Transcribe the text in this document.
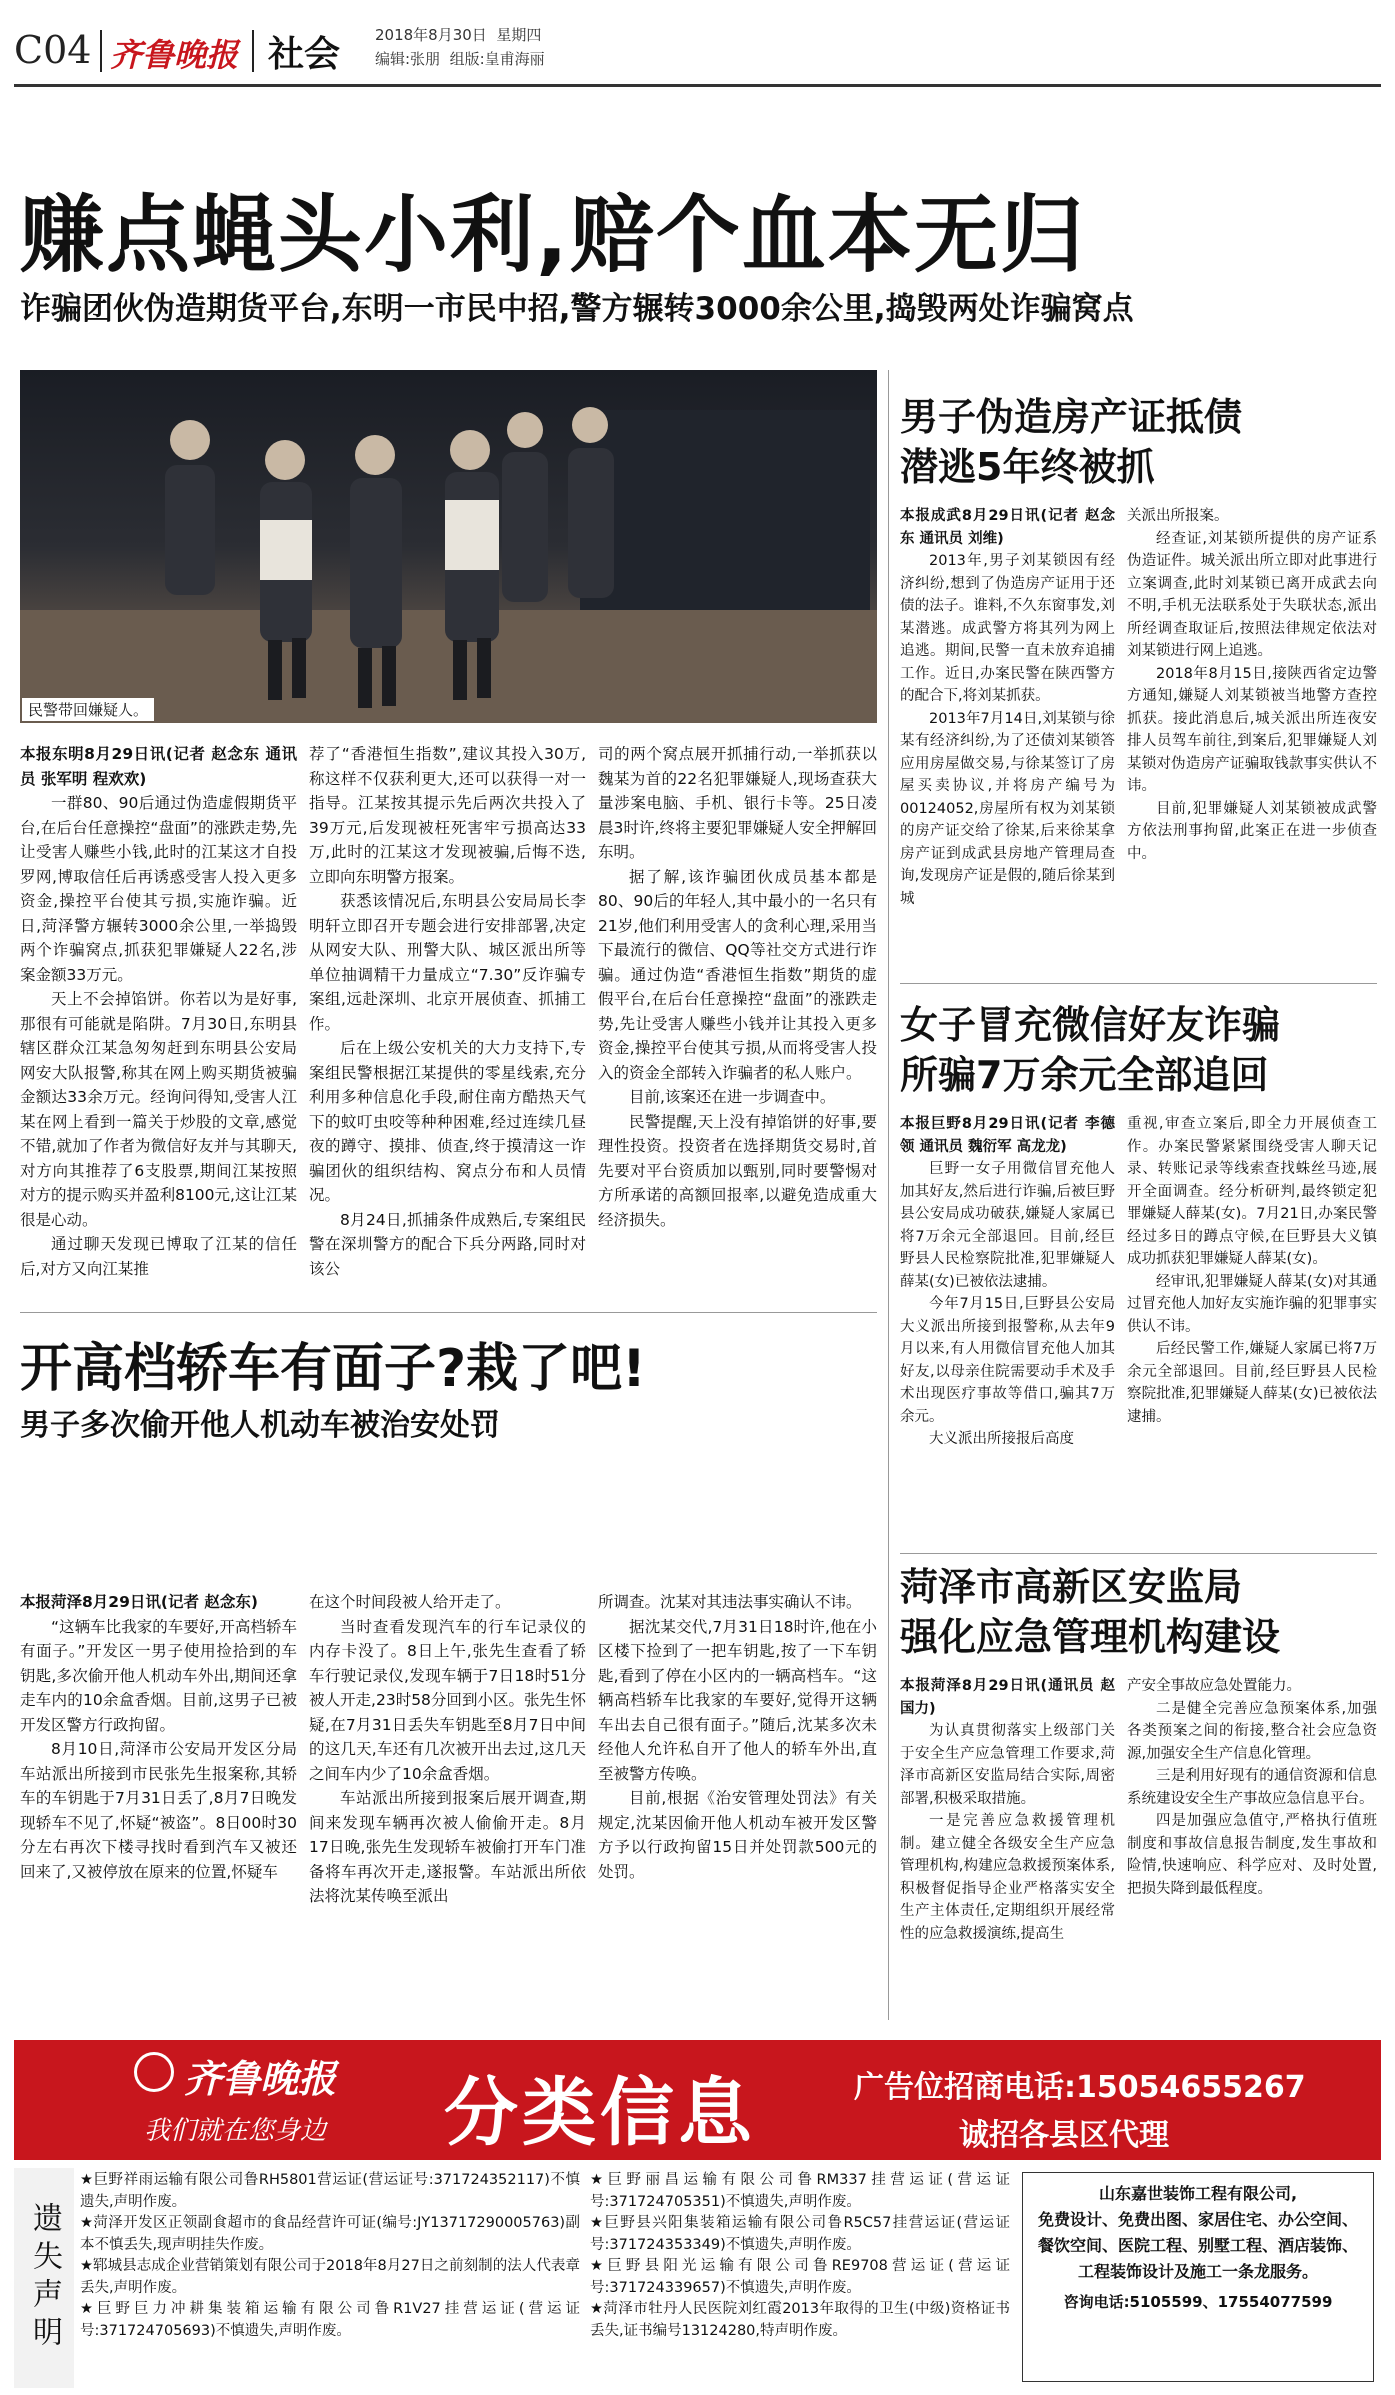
C04 齐鲁晚报 社会 2018年8月30日 星期四
编辑:张朋 组版:皇甫海丽
赚点蝇头小利,赔个血本无归
诈骗团伙伪造期货平台,东明一市民中招,警方辗转3000余公里,捣毁两处诈骗窝点
民警带回嫌疑人。

本报东明8月29日讯(记者 赵念东 通讯员 张军明 程欢欢)

一群80、90后通过伪造虚假期货平台,在后台任意操控“盘面”的涨跌走势,先让受害人赚些小钱,此时的江某这才自投罗网,博取信任后再诱惑受害人投入更多资金,操控平台使其亏损,实施诈骗。近日,菏泽警方辗转3000余公里,一举捣毁两个诈骗窝点,抓获犯罪嫌疑人22名,涉案金额33万元。

天上不会掉馅饼。你若以为是好事,那很有可能就是陷阱。7月30日,东明县辖区群众江某急匆匆赶到东明县公安局网安大队报警,称其在网上购买期货被骗金额达33余万元。经询问得知,受害人江某在网上看到一篇关于炒股的文章,感觉不错,就加了作者为微信好友并与其聊天,对方向其推荐了6支股票,期间江某按照对方的提示购买并盈利8100元,这让江某很是心动。

通过聊天发现已博取了江某的信任后,对方又向江某推

荐了“香港恒生指数”,建议其投入30万,称这样不仅获利更大,还可以获得一对一指导。江某按其提示先后两次共投入了39万元,后发现被枉死害牢亏损高达33万,此时的江某这才发现被骗,后悔不迭,立即向东明警方报案。

获悉该情况后,东明县公安局局长李明轩立即召开专题会进行安排部署,决定从网安大队、刑警大队、城区派出所等单位抽调精干力量成立“7.30”反诈骗专案组,远赴深圳、北京开展侦查、抓捕工作。

后在上级公安机关的大力支持下,专案组民警根据江某提供的零星线索,充分利用多种信息化手段,耐住南方酷热天气下的蚊叮虫咬等种种困难,经过连续几昼夜的蹲守、摸排、侦查,终于摸清这一诈骗团伙的组织结构、窝点分布和人员情况。

8月24日,抓捕条件成熟后,专案组民警在深圳警方的配合下兵分两路,同时对该公

司的两个窝点展开抓捕行动,一举抓获以魏某为首的22名犯罪嫌疑人,现场查获大量涉案电脑、手机、银行卡等。25日凌晨3时许,终将主要犯罪嫌疑人安全押解回东明。

据了解,该诈骗团伙成员基本都是80、90后的年轻人,其中最小的一名只有21岁,他们利用受害人的贪利心理,采用当下最流行的微信、QQ等社交方式进行诈骗。通过伪造“香港恒生指数”期货的虚假平台,在后台任意操控“盘面”的涨跌走势,先让受害人赚些小钱并让其投入更多资金,操控平台使其亏损,从而将受害人投入的资金全部转入诈骗者的私人账户。

目前,该案还在进一步调查中。

民警提醒,天上没有掉馅饼的好事,要理性投资。投资者在选择期货交易时,首先要对平台资质加以甄别,同时要警惕对方所承诺的高额回报率,以避免造成重大经济损失。

开高档轿车有面子?栽了吧!
男子多次偷开他人机动车被治安处罚

本报菏泽8月29日讯(记者 赵念东)

“这辆车比我家的车要好,开高档轿车有面子。”开发区一男子使用捡拾到的车钥匙,多次偷开他人机动车外出,期间还拿走车内的10余盒香烟。目前,这男子已被开发区警方行政拘留。

8月10日,菏泽市公安局开发区分局车站派出所接到市民张先生报案称,其轿车的车钥匙于7月31日丢了,8月7日晚发现轿车不见了,怀疑“被盗”。8日00时30分左右再次下楼寻找时看到汽车又被还回来了,又被停放在原来的位置,怀疑车

在这个时间段被人给开走了。

当时查看发现汽车的行车记录仪的内存卡没了。8日上午,张先生查看了轿车行驶记录仪,发现车辆于7日18时51分被人开走,23时58分回到小区。张先生怀疑,在7月31日丢失车钥匙至8月7日中间的这几天,车还有几次被开出去过,这几天之间车内少了10余盒香烟。

车站派出所接到报案后展开调查,期间来发现车辆再次被人偷偷开走。8月17日晚,张先生发现轿车被偷打开车门准备将车再次开走,遂报警。车站派出所依法将沈某传唤至派出

所调查。沈某对其违法事实确认不讳。

据沈某交代,7月31日18时许,他在小区楼下捡到了一把车钥匙,按了一下车钥匙,看到了停在小区内的一辆高档车。“这辆高档轿车比我家的车要好,觉得开这辆车出去自己很有面子。”随后,沈某多次未经他人允许私自开了他人的轿车外出,直至被警方传唤。

目前,根据《治安管理处罚法》有关规定,沈某因偷开他人机动车被开发区警方予以行政拘留15日并处罚款500元的处罚。

男子伪造房产证抵债
潜逃5年终被抓

本报成武8月29日讯(记者 赵念东 通讯员 刘维)

2013年,男子刘某锁因有经济纠纷,想到了伪造房产证用于还债的法子。谁料,不久东窗事发,刘某潜逃。成武警方将其列为网上追逃。期间,民警一直未放弃追捕工作。近日,办案民警在陕西警方的配合下,将刘某抓获。

2013年7月14日,刘某锁与徐某有经济纠纷,为了还债刘某锁答应用房屋做交易,与徐某签订了房屋买卖协议,并将房产编号为00124052,房屋所有权为刘某锁的房产证交给了徐某,后来徐某拿房产证到成武县房地产管理局查询,发现房产证是假的,随后徐某到城

关派出所报案。

经查证,刘某锁所提供的房产证系伪造证件。城关派出所立即对此事进行立案调查,此时刘某锁已离开成武去向不明,手机无法联系处于失联状态,派出所经调查取证后,按照法律规定依法对刘某锁进行网上追逃。

2018年8月15日,接陕西省定边警方通知,嫌疑人刘某锁被当地警方查控抓获。接此消息后,城关派出所连夜安排人员驾车前往,到案后,犯罪嫌疑人刘某锁对伪造房产证骗取钱款事实供认不讳。

目前,犯罪嫌疑人刘某锁被成武警方依法刑事拘留,此案正在进一步侦查中。

女子冒充微信好友诈骗
所骗7万余元全部追回

本报巨野8月29日讯(记者 李德领 通讯员 魏衍军 高龙龙)

巨野一女子用微信冒充他人加其好友,然后进行诈骗,后被巨野县公安局成功破获,嫌疑人家属已将7万余元全部退回。目前,经巨野县人民检察院批准,犯罪嫌疑人薛某(女)已被依法逮捕。

今年7月15日,巨野县公安局大义派出所接到报警称,从去年9月以来,有人用微信冒充他人加其好友,以母亲住院需要动手术及手术出现医疗事故等借口,骗其7万余元。

大义派出所接报后高度

重视,审查立案后,即全力开展侦查工作。办案民警紧紧围绕受害人聊天记录、转账记录等线索查找蛛丝马迹,展开全面调查。经分析研判,最终锁定犯罪嫌疑人薛某(女)。7月21日,办案民警经过多日的蹲点守候,在巨野县大义镇成功抓获犯罪嫌疑人薛某(女)。

经审讯,犯罪嫌疑人薛某(女)对其通过冒充他人加好友实施诈骗的犯罪事实供认不讳。

后经民警工作,嫌疑人家属已将7万余元全部退回。目前,经巨野县人民检察院批准,犯罪嫌疑人薛某(女)已被依法逮捕。

菏泽市高新区安监局
强化应急管理机构建设

本报菏泽8月29日讯(通讯员 赵国力)

为认真贯彻落实上级部门关于安全生产应急管理工作要求,菏泽市高新区安监局结合实际,周密部署,积极采取措施。

一是完善应急救援管理机制。建立健全各级安全生产应急管理机构,构建应急救援预案体系,积极督促指导企业严格落实安全生产主体责任,定期组织开展经常性的应急救援演练,提高生

产安全事故应急处置能力。

二是健全完善应急预案体系,加强各类预案之间的衔接,整合社会应急资源,加强安全生产信息化管理。

三是利用好现有的通信资源和信息系统建设安全生产事故应急信息平台。

四是加强应急值守,严格执行值班制度和事故信息报告制度,发生事故和险情,快速响应、科学应对、及时处置,把损失降到最低程度。

齐鲁晚报
我们就在您身边 分类信息	广告位招商电话:15054655267
诚招各县区代理
遗失声明

★巨野祥雨运输有限公司鲁RH5801营运证(营运证号:371724352117)不慎遗失,声明作废。

★菏泽开发区正领副食超市的食品经营许可证(编号:JY13717290005763)副本不慎丢失,现声明挂失作废。

★郓城县志成企业营销策划有限公司于2018年8月27日之前刻制的法人代表章丢失,声明作废。

★巨野巨力冲耕集装箱运输有限公司鲁R1V27挂营运证(营运证号:371724705693)不慎遗失,声明作废。

★巨野丽昌运输有限公司鲁RM337挂营运证(营运证号:371724705351)不慎遗失,声明作废。

★巨野县兴阳集装箱运输有限公司鲁R5C57挂营运证(营运证号:371724353349)不慎遗失,声明作废。

★巨野县阳光运输有限公司鲁RE9708营运证(营运证号:371724339657)不慎遗失,声明作废。

★菏泽市牡丹人民医院刘红霞2013年取得的卫生(中级)资格证书丢失,证书编号13124280,特声明作废。

山东嘉世装饰工程有限公司,
免费设计、免费出图、家居住宅、办公空间、餐饮空间、医院工程、别墅工程、酒店装饰、工程装饰设计及施工一条龙服务。
咨询电话:5105599、17554077599
